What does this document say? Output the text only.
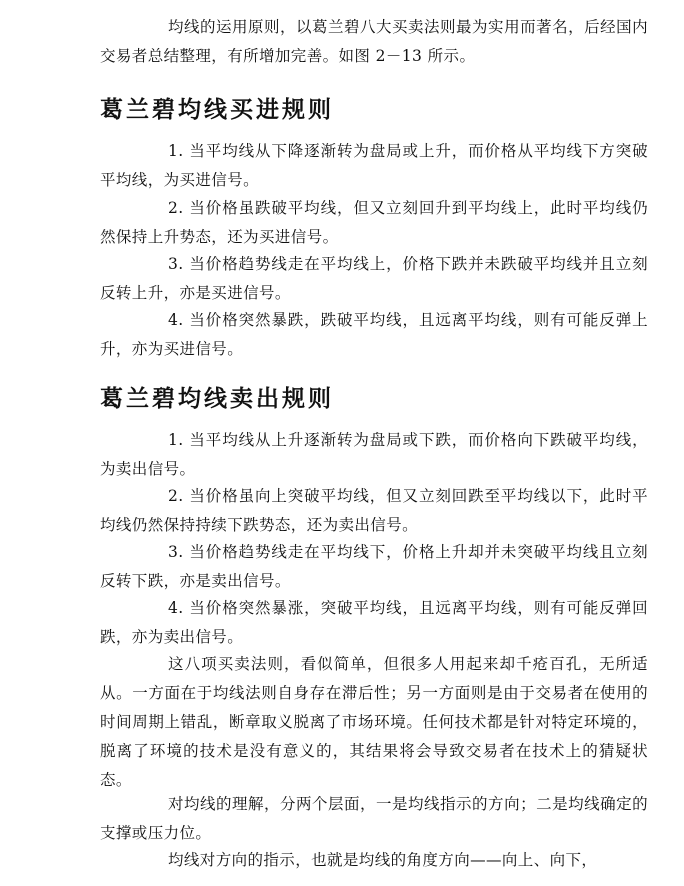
均线的运用原则，以葛兰碧八大买卖法则最为实用而著名，后经国内交易者总结整理，有所增加完善。如图 2－13 所示。

葛兰碧均线买进规则

1. 当平均线从下降逐渐转为盘局或上升，而价格从平均线下方突破平均线，为买进信号。

2. 当价格虽跌破平均线，但又立刻回升到平均线上，此时平均线仍然保持上升势态，还为买进信号。

3. 当价格趋势线走在平均线上，价格下跌并未跌破平均线并且立刻反转上升，亦是买进信号。

4. 当价格突然暴跌，跌破平均线，且远离平均线，则有可能反弹上升，亦为买进信号。

葛兰碧均线卖出规则

1. 当平均线从上升逐渐转为盘局或下跌，而价格向下跌破平均线，为卖出信号。

2. 当价格虽向上突破平均线，但又立刻回跌至平均线以下，此时平均线仍然保持持续下跌势态，还为卖出信号。

3. 当价格趋势线走在平均线下，价格上升却并未突破平均线且立刻反转下跌，亦是卖出信号。

4. 当价格突然暴涨，突破平均线，且远离平均线，则有可能反弹回跌，亦为卖出信号。

这八项买卖法则，看似简单，但很多人用起来却千疮百孔，无所适从。一方面在于均线法则自身存在滞后性；另一方面则是由于交易者在使用的时间周期上错乱，断章取义脱离了市场环境。任何技术都是针对特定环境的，脱离了环境的技术是没有意义的，其结果将会导致交易者在技术上的猜疑状态。

对均线的理解，分两个层面，一是均线指示的方向；二是均线确定的支撑或压力位。

均线对方向的指示，也就是均线的角度方向——向上、向下，
